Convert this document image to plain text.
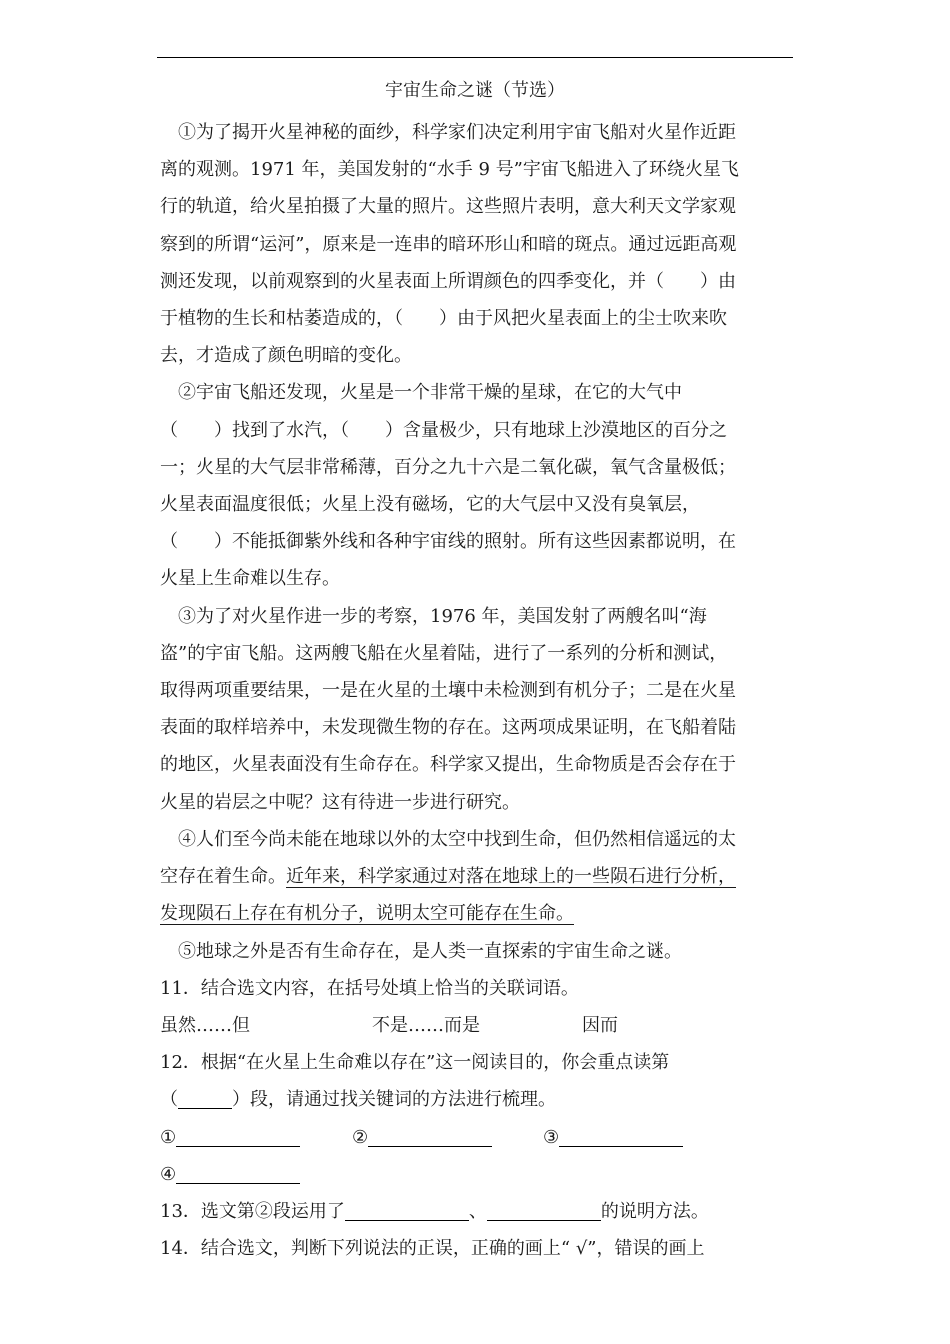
宇宙生命之谜（节选）
①为了揭开火星神秘的面纱，科学家们决定利用宇宙飞船对火星作近距
离的观测。1971 年，美国发射的“水手 9 号”宇宙飞船进入了环绕火星飞
行的轨道，给火星拍摄了大量的照片。这些照片表明，意大利天文学家观
察到的所谓“运河”，原来是一连串的暗环形山和暗的斑点。通过远距高观
测还发现，以前观察到的火星表面上所谓颜色的四季变化，并（　　）由
于植物的生长和枯萎造成的，（　　）由于风把火星表面上的尘士吹来吹
去，才造成了颜色明暗的变化。
②宇宙飞船还发现，火星是一个非常干燥的星球，在它的大气中
（　　）找到了水汽，（　　）含量极少，只有地球上沙漠地区的百分之
一；火星的大气层非常稀薄，百分之九十六是二氧化碳，氧气含量极低；
火星表面温度很低；火星上没有磁场，它的大气层中又没有臭氧层，
（　　）不能抵御紫外线和各种宇宙线的照射。所有这些因素都说明，在
火星上生命难以生存。
③为了对火星作进一步的考察，1976 年，美国发射了两艘名叫“海
盗”的宇宙飞船。这两艘飞船在火星着陆，进行了一系列的分析和测试，
取得两项重要结果，一是在火星的土壤中未检测到有机分子；二是在火星
表面的取样培养中，未发现微生物的存在。这两项成果证明，在飞船着陆
的地区，火星表面没有生命存在。科学家又提出，生命物质是否会存在于
火星的岩层之中呢？这有待进一步进行研究。
④人们至今尚未能在地球以外的太空中找到生命，但仍然相信遥远的太
空存在着生命。近年来，科学家通过对落在地球上的一些陨石进行分析，
发现陨石上存在有机分子，说明太空可能存在生命。
⑤地球之外是否有生命存在，是人类一直探索的宇宙生命之谜。
11．结合选文内容，在括号处填上恰当的关联词语。
虽然……但	不是……而是	因而
12．根据“在火星上生命难以存在”这一阅读目的，你会重点读第
（	）段，请通过找关键词的方法进行梳理。
①	②	③
④
13．选文第②段运用了	、	的说明方法。
14．结合选文，判断下列说法的正误，正确的画上“ √”，错误的画上
